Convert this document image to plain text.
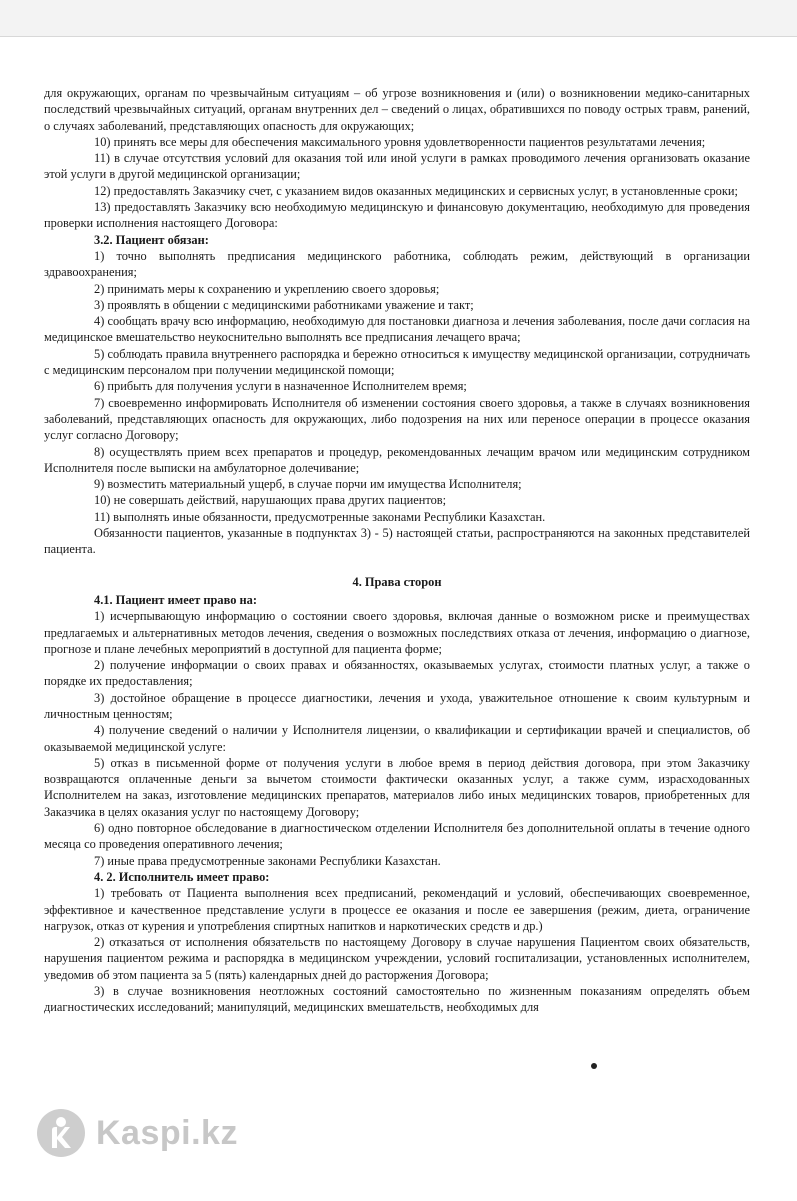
для окружающих, органам по чрезвычайным ситуациям – об угрозе возникновения и (или) о возникновении медико-санитарных последствий чрезвычайных ситуаций, органам внутренних дел – сведений о лицах, обратившихся по поводу острых травм, ранений, о случаях заболеваний, представляющих опасность для окружающих;

10) принять все меры для обеспечения максимального уровня удовлетворенности пациентов результатами лечения;

11) в случае отсутствия условий для оказания той или иной услуги в рамках проводимого лечения организовать оказание этой услуги в другой медицинской организации;

12) предоставлять Заказчику счет, с указанием видов оказанных медицинских и сервисных услуг, в установленные сроки;

13) предоставлять Заказчику всю необходимую медицинскую и финансовую документацию, необходимую для проведения проверки исполнения настоящего Договора:

3.2. Пациент обязан:

1) точно выполнять предписания медицинского работника, соблюдать режим, действующий в организации здравоохранения;

2) принимать меры к сохранению и укреплению своего здоровья;

3) проявлять в общении с медицинскими работниками уважение и такт;

4) сообщать врачу всю информацию, необходимую для постановки диагноза и лечения заболевания, после дачи согласия на медицинское вмешательство неукоснительно выполнять все предписания лечащего врача;

5) соблюдать правила внутреннего распорядка и бережно относиться к имуществу медицинской организации, сотрудничать с медицинским персоналом при получении медицинской помощи;

6) прибыть для получения услуги в назначенное Исполнителем время;

7) своевременно информировать Исполнителя об изменении состояния своего здоровья, а также в случаях возникновения заболеваний, представляющих опасность для окружающих, либо подозрения на них или переносе операции в процессе оказания услуг согласно Договору;

8) осуществлять прием всех препаратов и процедур, рекомендованных лечащим врачом или медицинским сотрудником Исполнителя после выписки на амбулаторное долечивание;

9) возместить материальный ущерб, в случае порчи им имущества Исполнителя;

10) не совершать действий, нарушающих права других пациентов;

11) выполнять иные обязанности, предусмотренные законами Республики Казахстан.

Обязанности пациентов, указанные в подпунктах 3) - 5) настоящей статьи, распространяются на законных представителей пациента.

4. Права сторон

4.1. Пациент имеет право на:

1) исчерпывающую информацию о состоянии своего здоровья, включая данные о возможном риске и преимуществах предлагаемых и альтернативных методов лечения, сведения о возможных последствиях отказа от лечения, информацию о диагнозе, прогнозе и плане лечебных мероприятий в доступной для пациента форме;

2) получение информации о своих правах и обязанностях, оказываемых услугах, стоимости платных услуг, а также о порядке их предоставления;

3) достойное обращение в процессе диагностики, лечения и ухода, уважительное отношение к своим культурным и личностным ценностям;

4) получение сведений о наличии у Исполнителя лицензии, о квалификации и сертификации врачей и специалистов, об оказываемой медицинской услуге:

5) отказ в письменной форме от получения услуги в любое время в период действия договора, при этом Заказчику возвращаются оплаченные деньги за вычетом стоимости фактически оказанных услуг, а также сумм, израсходованных Исполнителем на заказ, изготовление медицинских препаратов, материалов либо иных медицинских товаров, приобретенных для Заказчика в целях оказания услуг по настоящему Договору;

6) одно повторное обследование в диагностическом отделении Исполнителя без дополнительной оплаты в течение одного месяца со проведения оперативного лечения;

7) иные права предусмотренные законами Республики Казахстан.

4. 2. Исполнитель имеет право:

1) требовать от Пациента выполнения всех предписаний, рекомендаций и условий, обеспечивающих своевременное, эффективное и качественное представление услуги в процессе ее оказания и после ее завершения (режим, диета, ограничение нагрузок, отказ от курения и употребления спиртных напитков и наркотических средств и др.)

2) отказаться от исполнения обязательств по настоящему Договору в случае нарушения Пациентом своих обязательств, нарушения пациентом режима и распорядка в медицинском учреждении, условий госпитализации, установленных исполнителем, уведомив об этом пациента за 5 (пять) календарных дней до расторжения Договора;

3) в случае возникновения неотложных состояний самостоятельно по жизненным показаниям определять объем диагностических исследований; манипуляций, медицинских вмешательств, необходимых для

Kaspi.kz
